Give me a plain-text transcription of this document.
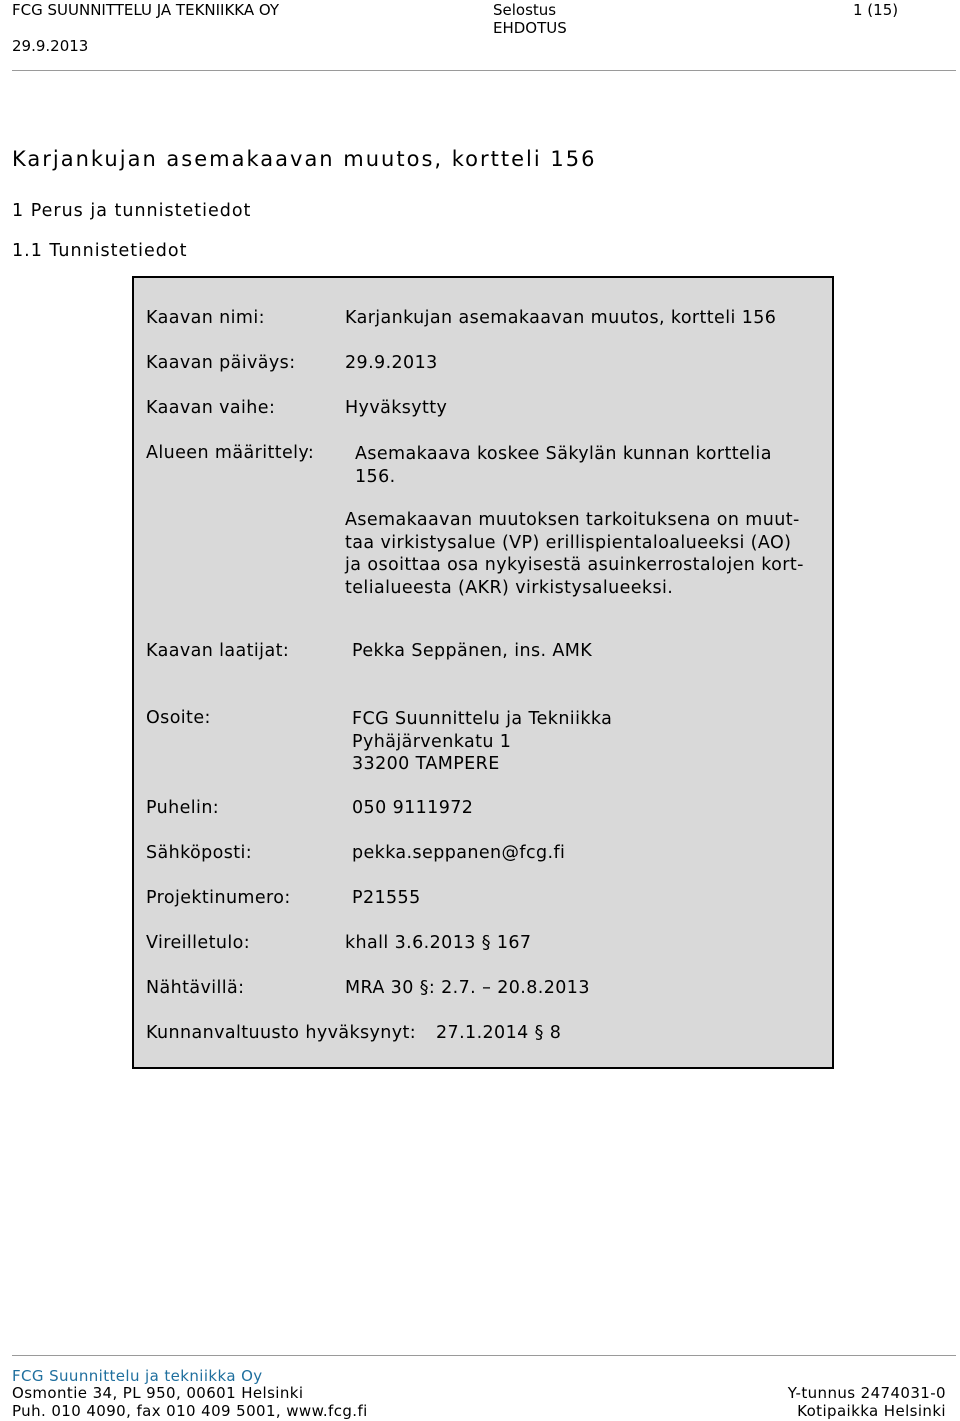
FCG SUUNNITTELU JA TEKNIIKKA OY
29.9.2013
Selostus
EHDOTUS
1 (15)
Karjankujan asemakaavan muutos, kortteli 156
1 Perus ja tunnistetiedot
1.1 Tunnistetiedot
Kaavan nimi:	Karjankujan asemakaavan muutos, kortteli 156
Kaavan päiväys:	29.9.2013
Kaavan vaihe:	Hyväksytty
Alueen määrittely: Asemakaava koskee Säkylän kunnan korttelia
156.
Asemakaavan muutoksen tarkoituksena on muut-
taa virkistysalue (VP) erillispientaloalueeksi (AO)
ja osoittaa osa nykyisestä asuinkerrostalojen kort-
telialueesta (AKR) virkistysalueeksi.
Kaavan laatijat:	Pekka Seppänen, ins. AMK
Osoite:	FCG Suunnittelu ja Tekniikka
Pyhäjärvenkatu 1
33200 TAMPERE
Puhelin:	050 9111972
Sähköposti:	pekka.seppanen@fcg.fi
Projektinumero:	P21555
Vireilletulo:	khall 3.6.2013 § 167
Nähtävillä:	MRA 30 §: 2.7. – 20.8.2013
Kunnanvaltuusto hyväksynyt: 27.1.2014 § 8
FCG Suunnittelu ja tekniikka Oy
Osmontie 34, PL 950, 00601 Helsinki
Puh. 010 4090, fax 010 409 5001, www.fcg.fi
Y-tunnus 2474031-0
Kotipaikka Helsinki
